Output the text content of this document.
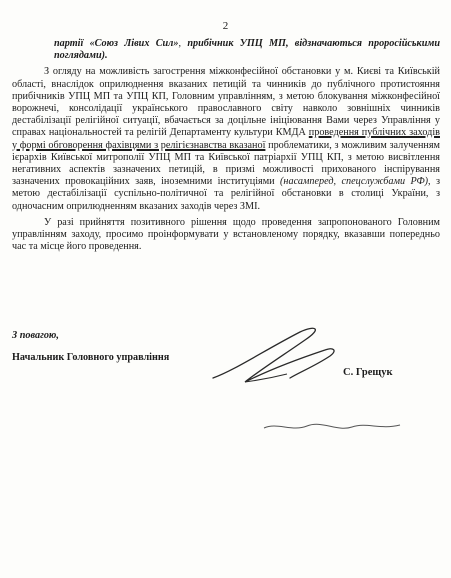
2

партії «Союз Лівих Сил», прибічник УПЦ МП, відзначаються проросійськими поглядами).

З огляду на можливість загострення міжконфесійної обстановки у м. Києві та Київській області, внаслідок оприлюднення вказаних петицій та чинників до публічного протистояння прибічників УПЦ МП та УПЦ КП, Головним управлінням, з метою блокування міжконфесійної ворожнечі, консолідації українського православного світу навколо зовнішніх чинників дестабілізації релігійної ситуації, вбачається за доцільне ініціювання Вами через Управління у справах національностей та релігій Департаменту культури КМДА проведення публічних заходів у формі обговорення фахівцями з релігієзнавства вказаної проблематики, з можливим залученням ієрархів Київської митрополії УПЦ МП та Київської патріархії УПЦ КП, з метою висвітлення негативних аспектів зазначених петицій, в призмі можливості прихованого інспірування зазначених провокаційних заяв, іноземними інституціями (насамперед, спецслужбами РФ), з метою дестабілізації суспільно-політичної та релігійної обстановки в столиці України, з одночасним оприлюдненням вказаних заходів через ЗМІ.

У разі прийняття позитивного рішення щодо проведення запропонованого Головним управлінням заходу, просимо проінформувати у встановленому порядку, вказавши попередньо час та місце його проведення.

З повагою,
Начальник Головного управління
С. Грещук
